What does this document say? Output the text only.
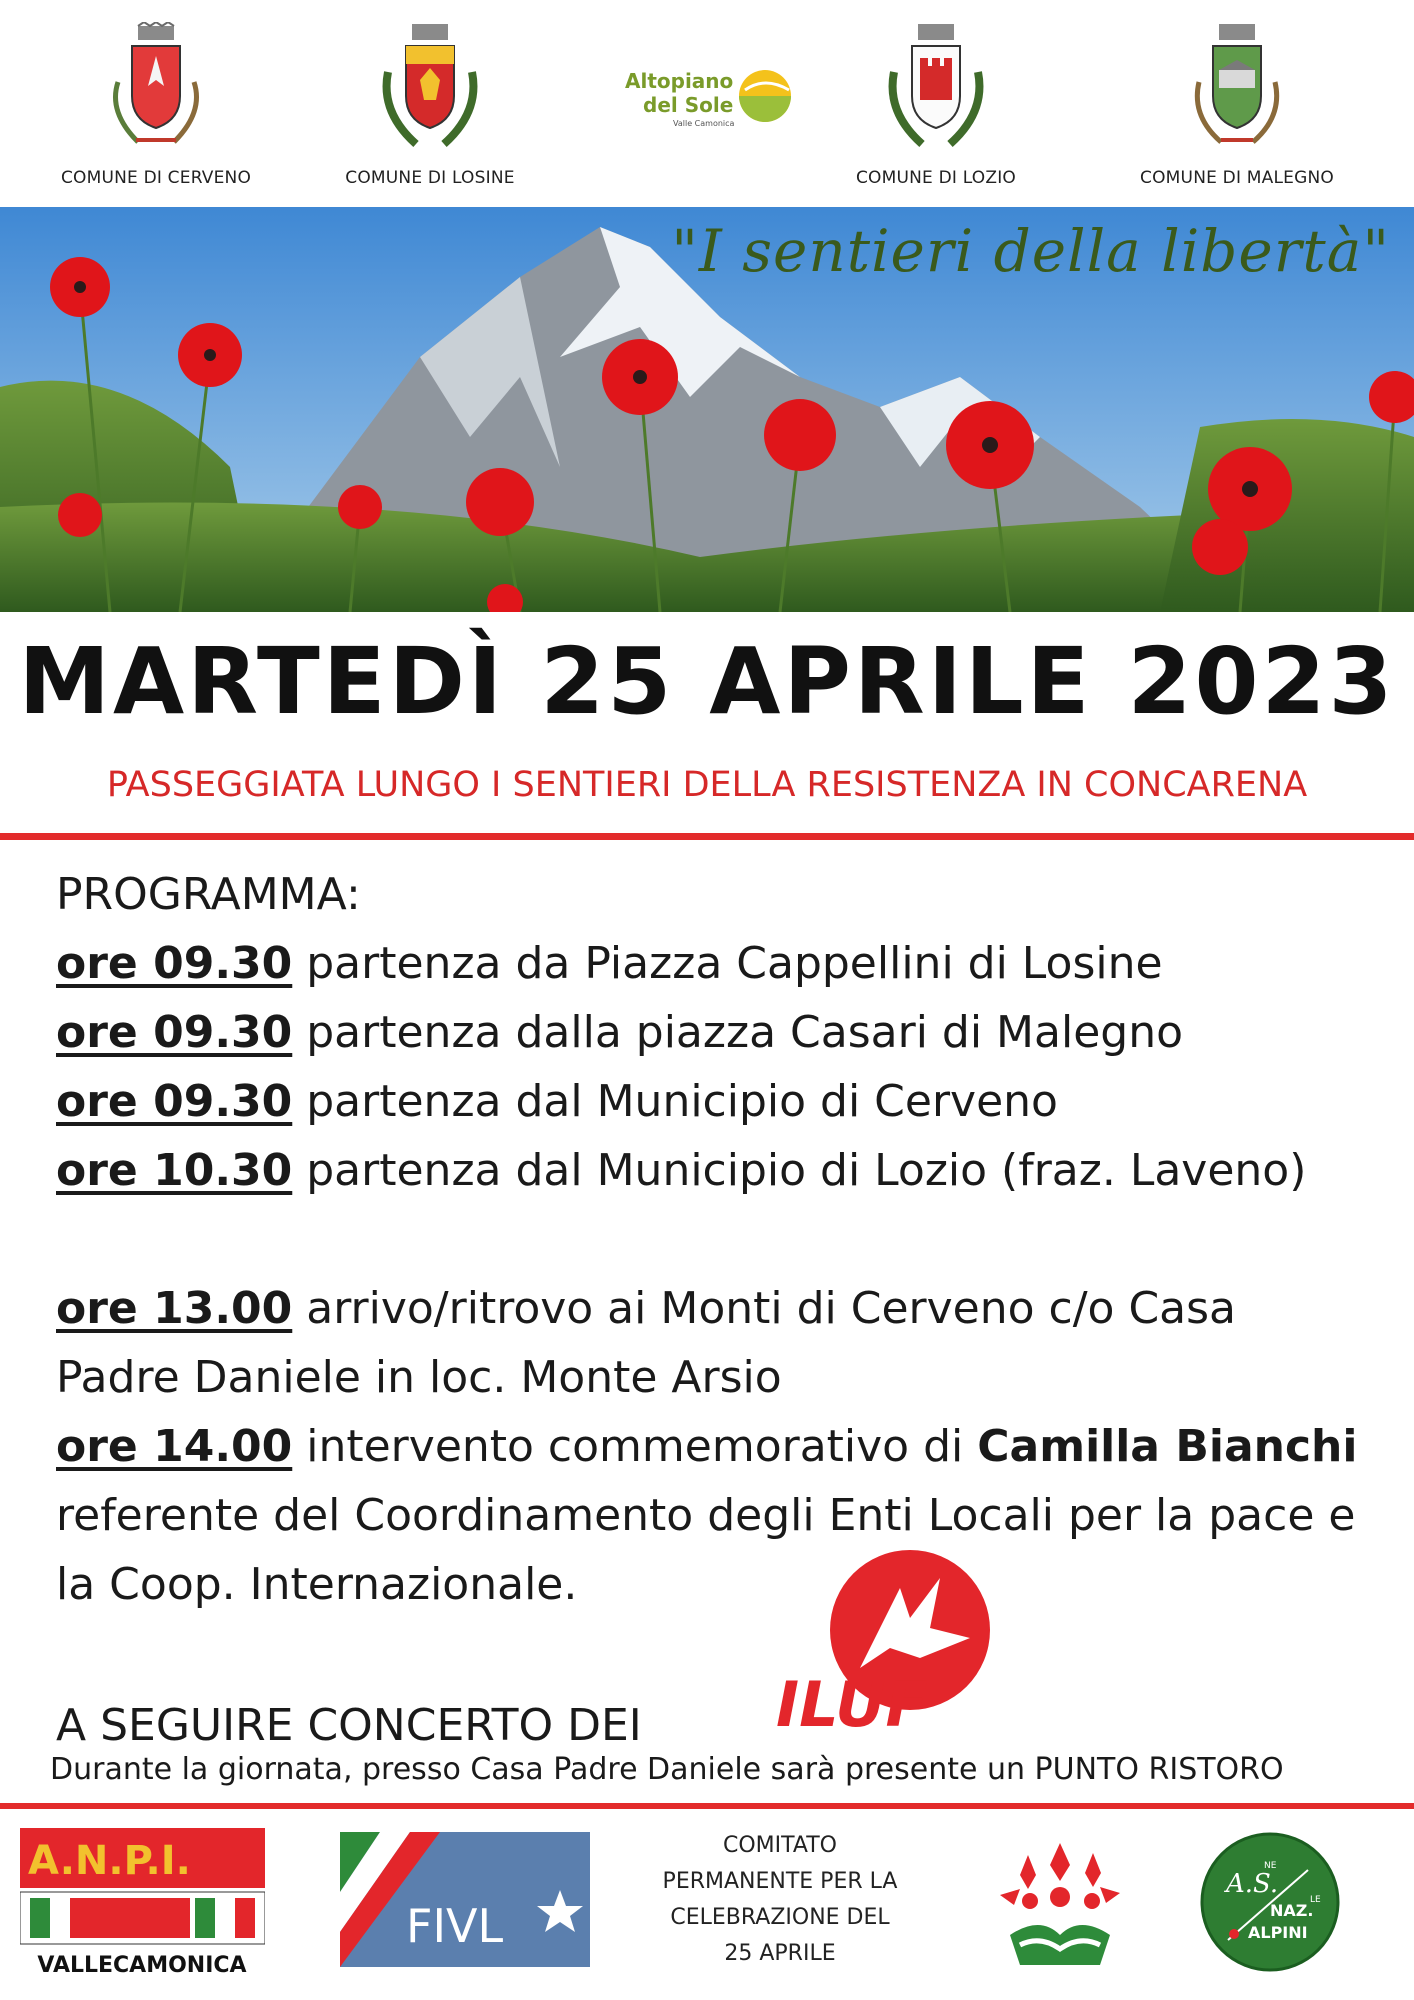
COMUNE DI CERVENO	COMUNE DI LOSINE
Altopiano
del Sole
Valle Camonica
COMUNE DI LOZIO	COMUNE DI MALEGNO
"I sentieri della libertà"
MARTEDÌ 25 APRILE 2023
PASSEGGIATA LUNGO I SENTIERI DELLA RESISTENZA IN CONCARENA
PROGRAMMA:
ore 09.30 partenza da Piazza Cappellini di Losine
ore 09.30 partenza dalla piazza Casari di Malegno
ore 09.30 partenza dal Municipio di Cerveno
ore 10.30 partenza dal Municipio di Lozio (fraz. Laveno)
ore 13.00 arrivo/ritrovo ai Monti di Cerveno c/o Casa
Padre Daniele in loc. Monte Arsio
ore 14.00 intervento commemorativo di Camilla Bianchi
referente del Coordinamento degli Enti Locali per la pace e
la Coop. Internazionale.
ILUF
A SEGUIRE CONCERTO DEI
Durante la giornata, presso Casa Padre Daniele sarà presente un PUNTO RISTORO
A.N.P.I.
VALLECAMONICA
FIVL
COMITATO
PERMANENTE PER LA
CELEBRAZIONE DEL
25 APRILE
A.S.
NE
NAZ.
LE
ALPINI
